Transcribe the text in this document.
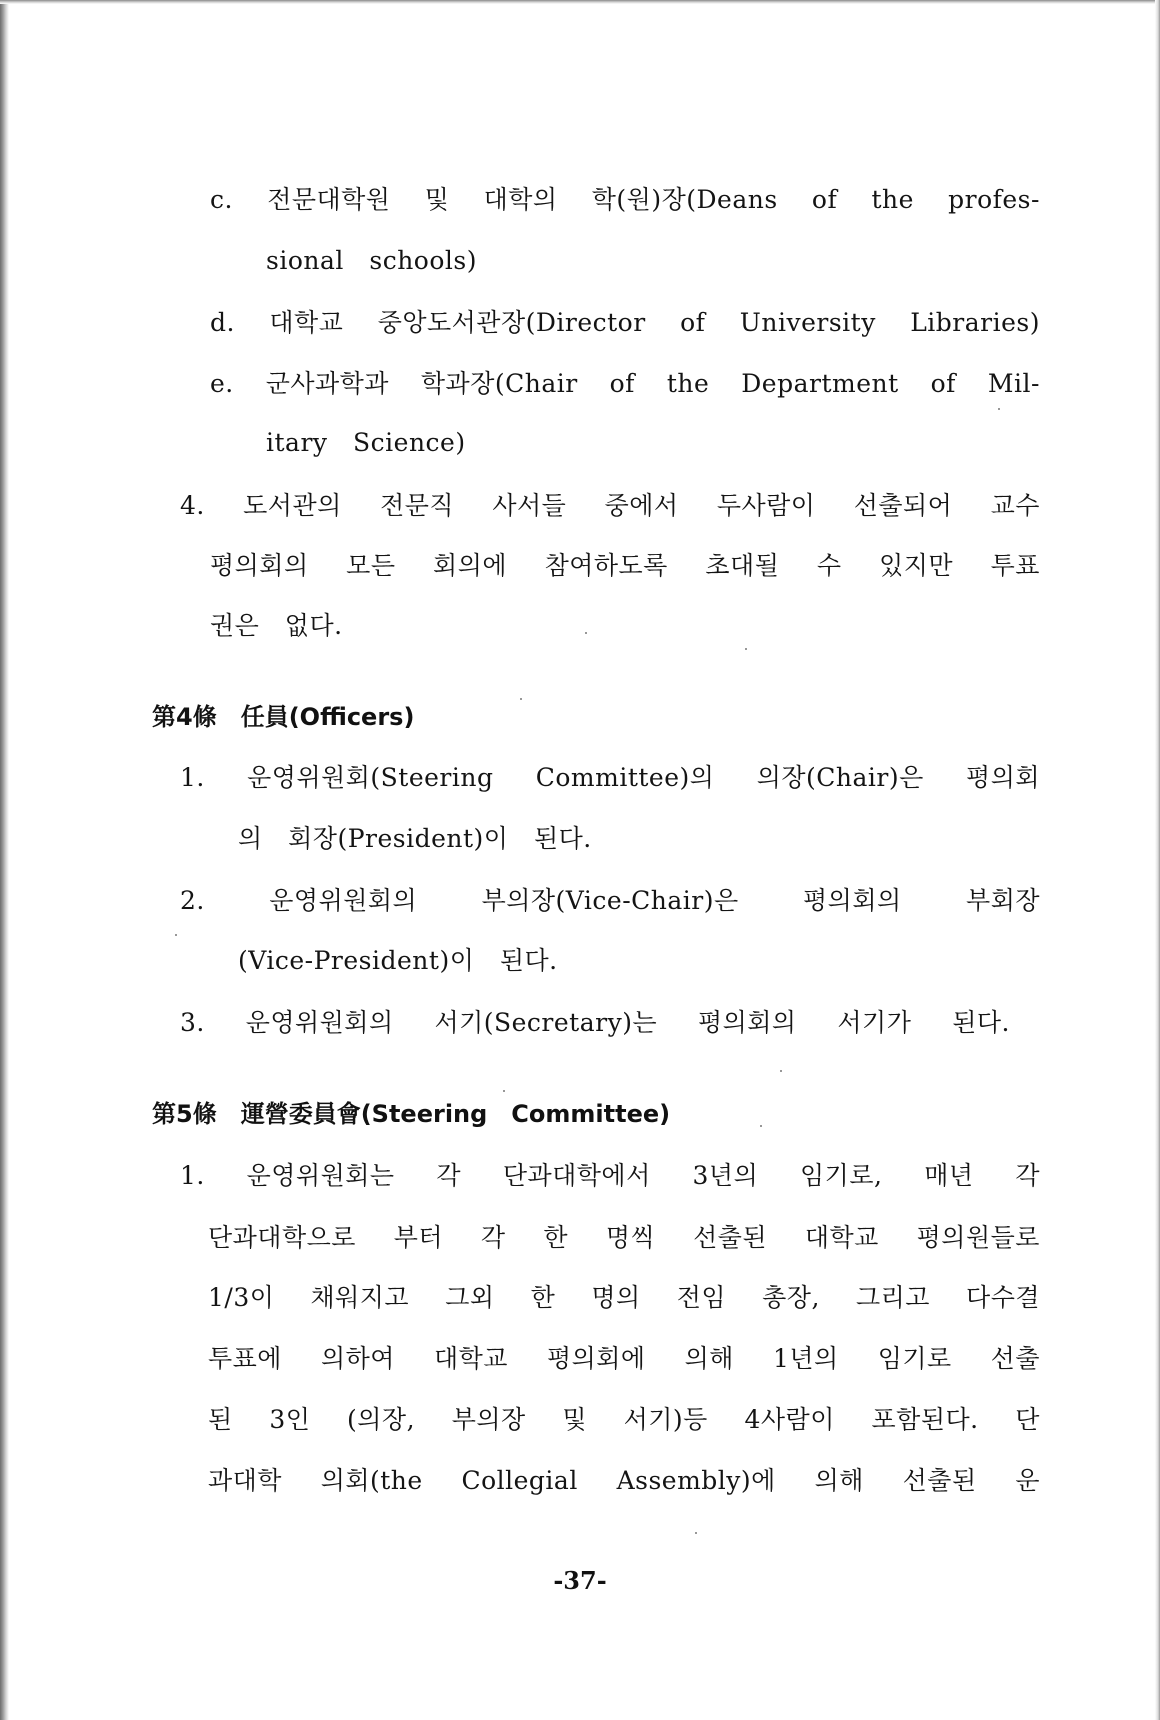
c. 전문대학원 및 대학의 학(원)장(Deans of the profes-
sional schools)
d. 대학교 중앙도서관장(Director of University Libraries)
e. 군사과학과 학과장(Chair of the Department of Mil-
itary Science)
4. 도서관의 전문직 사서들 중에서 두사람이 선출되어 교수
평의회의 모든 회의에 참여하도록 초대될 수 있지만 투표
권은 없다.
第4條 任員(Officers)
1. 운영위원회(Steering Committee)의 의장(Chair)은 평의회
의 회장(President)이 된다.
2.	운영위원회의	부의장(Vice-Chair)은	평의회의	부회장
(Vice-President)이 된다.
3. 운영위원회의 서기(Secretary)는 평의회의 서기가 된다.
第5條 運營委員會(Steering Committee)
1. 운영위원회는 각 단과대학에서 3년의 임기로, 매년 각
단과대학으로 부터 각 한 명씩 선출된 대학교 평의원들로
1/3이 채워지고 그외 한 명의 전임 총장, 그리고 다수결
투표에 의하여 대학교 평의회에 의해 1년의 임기로 선출
된 3인 (의장, 부의장 및 서기)등 4사람이 포함된다. 단
과대학 의회(the Collegial Assembly)에 의해 선출된 운
-37-
